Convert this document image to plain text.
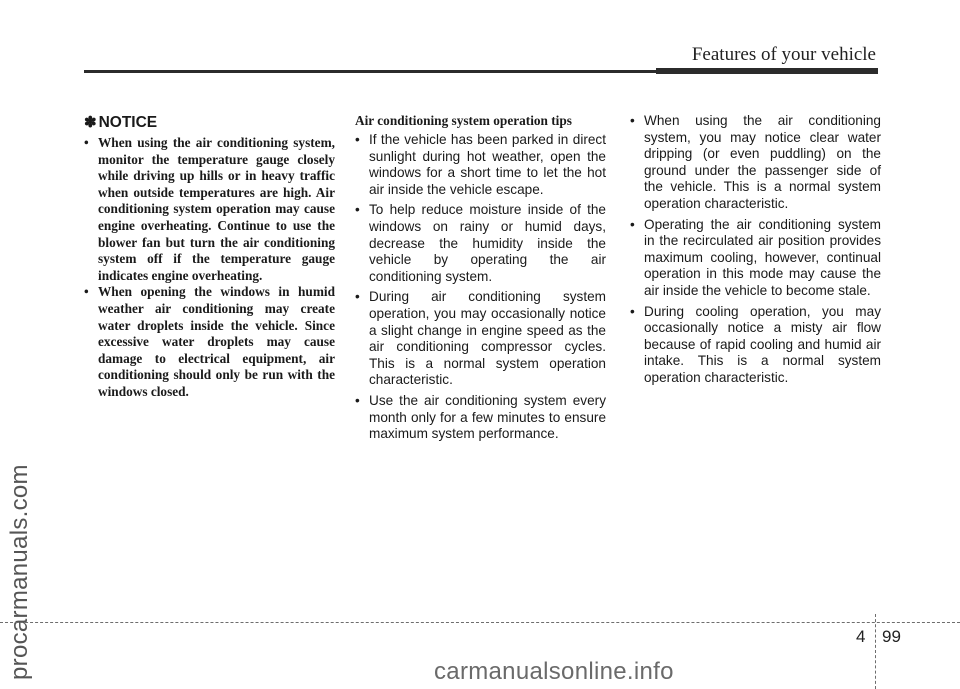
Features of your vehicle
✽ NOTICE
• When using the air conditioning system, monitor the temperature gauge closely while driving up hills or in heavy traffic when outside temperatures are high. Air conditioning system operation may cause engine overheating. Continue to use the blower fan but turn the air conditioning system off if the temperature gauge indicates engine overheating.
• When opening the windows in humid weather air conditioning may create water droplets inside the vehicle. Since excessive water droplets may cause damage to electrical equipment, air conditioning should only be run with the windows closed.
Air conditioning system operation tips
• If the vehicle has been parked in direct sunlight during hot weather, open the windows for a short time to let the hot air inside the vehicle escape.
• To help reduce moisture inside of the windows on rainy or humid days, decrease the humidity inside the vehicle by operating the air conditioning system.
• During air conditioning system operation, you may occasionally notice a slight change in engine speed as the air conditioning compressor cycles. This is a normal system operation characteristic.
• Use the air conditioning system every month only for a few minutes to ensure maximum system performance.
• When using the air conditioning system, you may notice clear water dripping (or even puddling) on the ground under the passenger side of the vehicle. This is a normal system operation characteristic.
• Operating the air conditioning system in the recirculated air position provides maximum cooling, however, continual operation in this mode may cause the air inside the vehicle to become stale.
• During cooling operation, you may occasionally notice a misty air flow because of rapid cooling and humid air intake. This is a normal system operation characteristic.
procarmanuals.com	4 99
carmanualsonline.info
